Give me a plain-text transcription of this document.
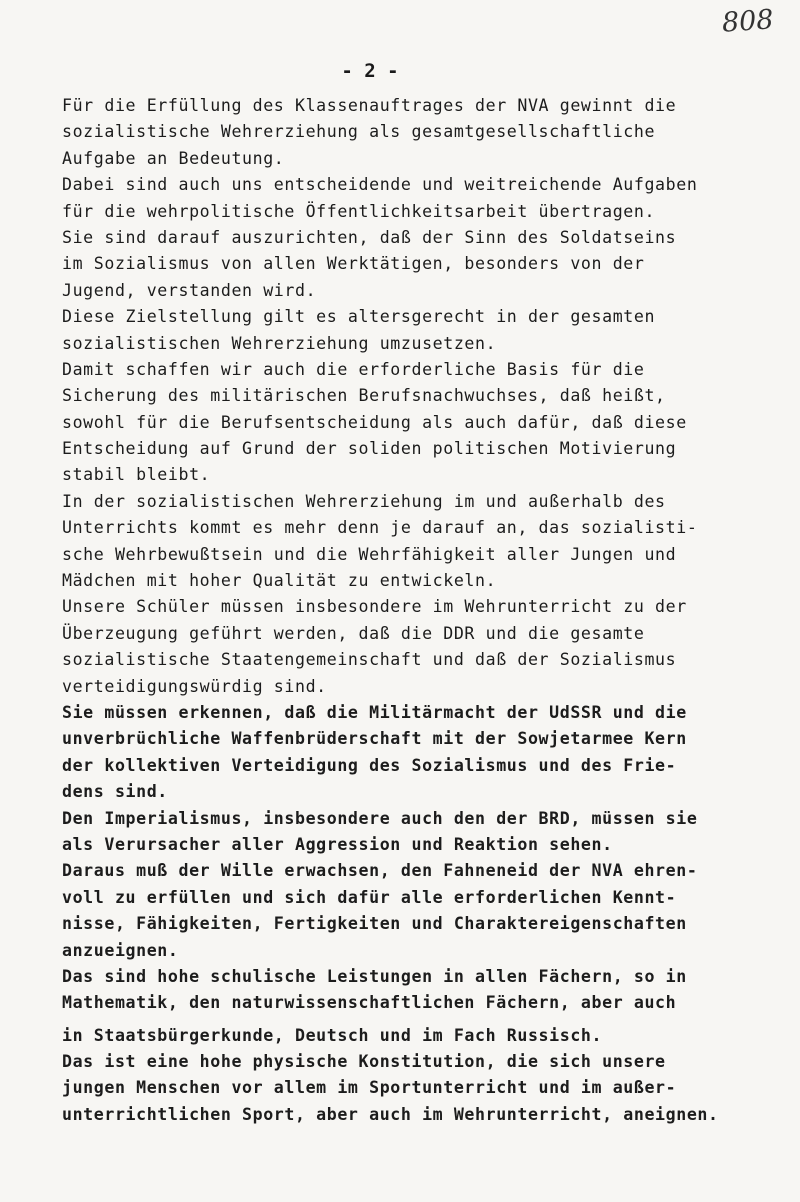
808
- 2 -
Für die Erfüllung des Klassenauftrages der NVA gewinnt die
sozialistische Wehrerziehung als gesamtgesellschaftliche
Aufgabe an Bedeutung.
Dabei sind auch uns entscheidende und weitreichende Aufgaben
für die wehrpolitische Öffentlichkeitsarbeit übertragen.
Sie sind darauf auszurichten, daß der Sinn des Soldatseins
im Sozialismus von allen Werktätigen, besonders von der
Jugend, verstanden wird.
Diese Zielstellung gilt es altersgerecht in der gesamten
sozialistischen Wehrerziehung umzusetzen.
Damit schaffen wir auch die erforderliche Basis für die
Sicherung des militärischen Berufsnachwuchses, daß heißt,
sowohl für die Berufsentscheidung als auch dafür, daß diese
Entscheidung auf Grund der soliden politischen Motivierung
stabil bleibt.
In der sozialistischen Wehrerziehung im und außerhalb des
Unterrichts kommt es mehr denn je darauf an, das sozialisti-
sche Wehrbewußtsein und die Wehrfähigkeit aller Jungen und
Mädchen mit hoher Qualität zu entwickeln.
Unsere Schüler müssen insbesondere im Wehrunterricht zu der
Überzeugung geführt werden, daß die DDR und die gesamte
sozialistische Staatengemeinschaft und daß der Sozialismus
verteidigungswürdig sind.
Sie müssen erkennen, daß die Militärmacht der UdSSR und die
unverbrüchliche Waffenbrüderschaft mit der Sowjetarmee Kern
der kollektiven Verteidigung des Sozialismus und des Frie-
dens sind.
Den Imperialismus, insbesondere auch den der BRD, müssen sie
als Verursacher aller Aggression und Reaktion sehen.
Daraus muß der Wille erwachsen, den Fahneneid der NVA ehren-
voll zu erfüllen und sich dafür alle erforderlichen Kennt-
nisse, Fähigkeiten, Fertigkeiten und Charaktereigenschaften
anzueignen.
Das sind hohe schulische Leistungen in allen Fächern, so in
Mathematik, den naturwissenschaftlichen Fächern, aber auch
in Staatsbürgerkunde, Deutsch und im Fach Russisch.
Das ist eine hohe physische Konstitution, die sich unsere
jungen Menschen vor allem im Sportunterricht und im außer-
unterrichtlichen Sport, aber auch im Wehrunterricht, aneignen.
